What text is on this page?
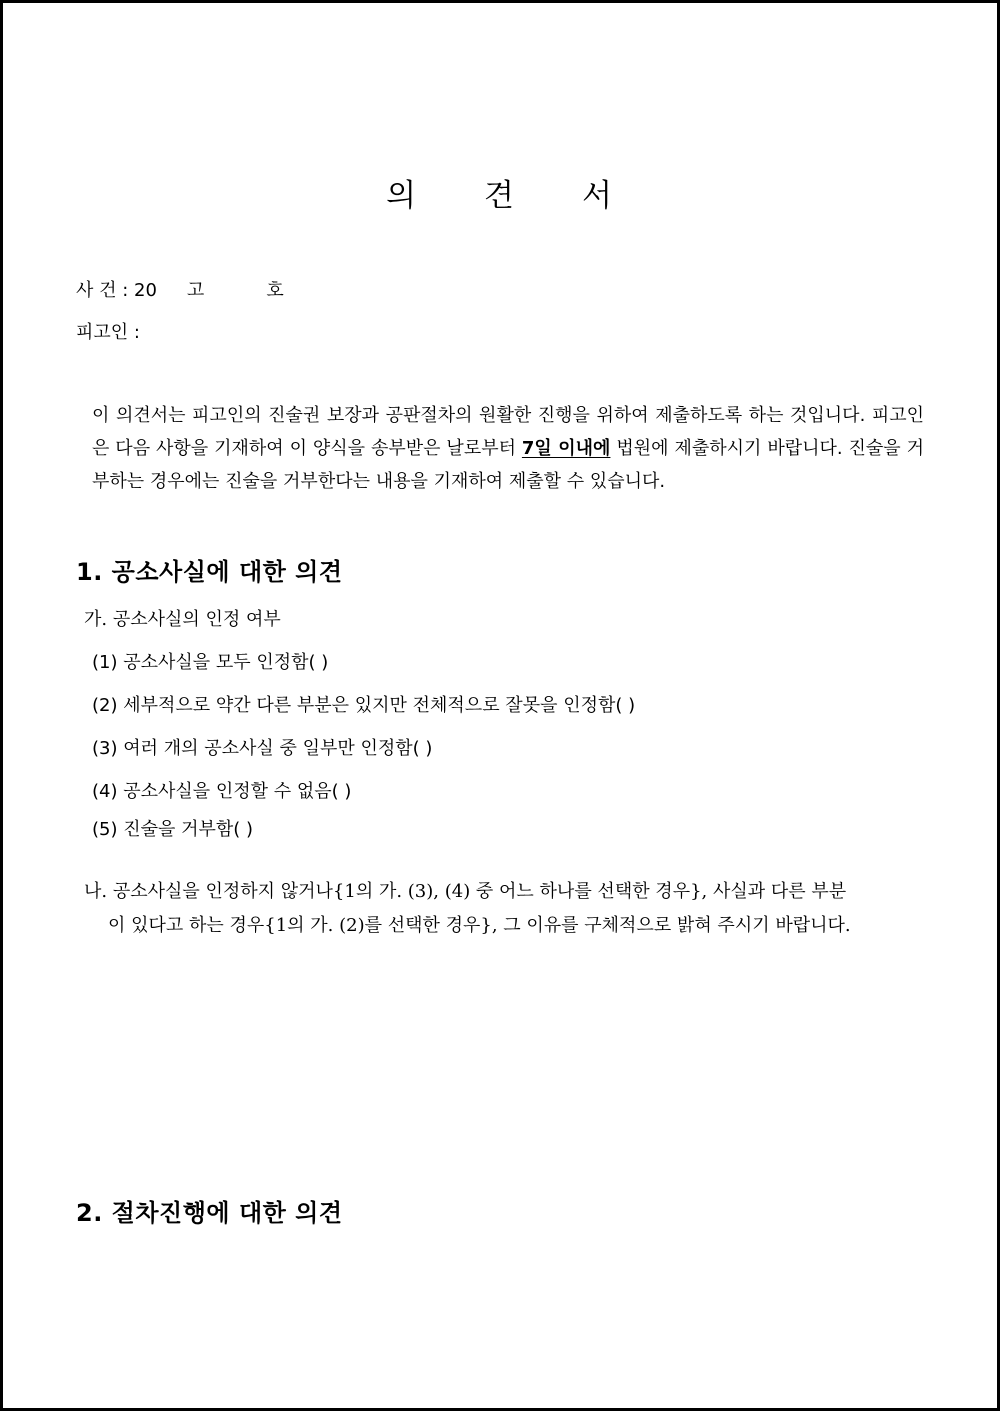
의 견 서
사 건 : 20 고	호
피고인 :

이 의견서는 피고인의 진술권 보장과 공판절차의 원활한 진행을 위하여 제출하도록 하는 것입니다. 피고인은 다음 사항을 기재하여 이 양식을 송부받은 날로부터 7일 이내에 법원에 제출하시기 바랍니다. 진술을 거부하는 경우에는 진술을 거부한다는 내용을 기재하여 제출할 수 있습니다.

1. 공소사실에 대한 의견
가. 공소사실의 인정 여부
(1) 공소사실을 모두 인정함( )
(2) 세부적으로 약간 다른 부분은 있지만 전체적으로 잘못을 인정함( )
(3) 여러 개의 공소사실 중 일부만 인정함( )
(4) 공소사실을 인정할 수 없음( )
(5) 진술을 거부함( )
나. 공소사실을 인정하지 않거나{1의 가. (3), (4) 중 어느 하나를 선택한 경우}, 사실과 다른 부분
이 있다고 하는 경우{1의 가. (2)를 선택한 경우}, 그 이유를 구체적으로 밝혀 주시기 바랍니다.
2. 절차진행에 대한 의견
